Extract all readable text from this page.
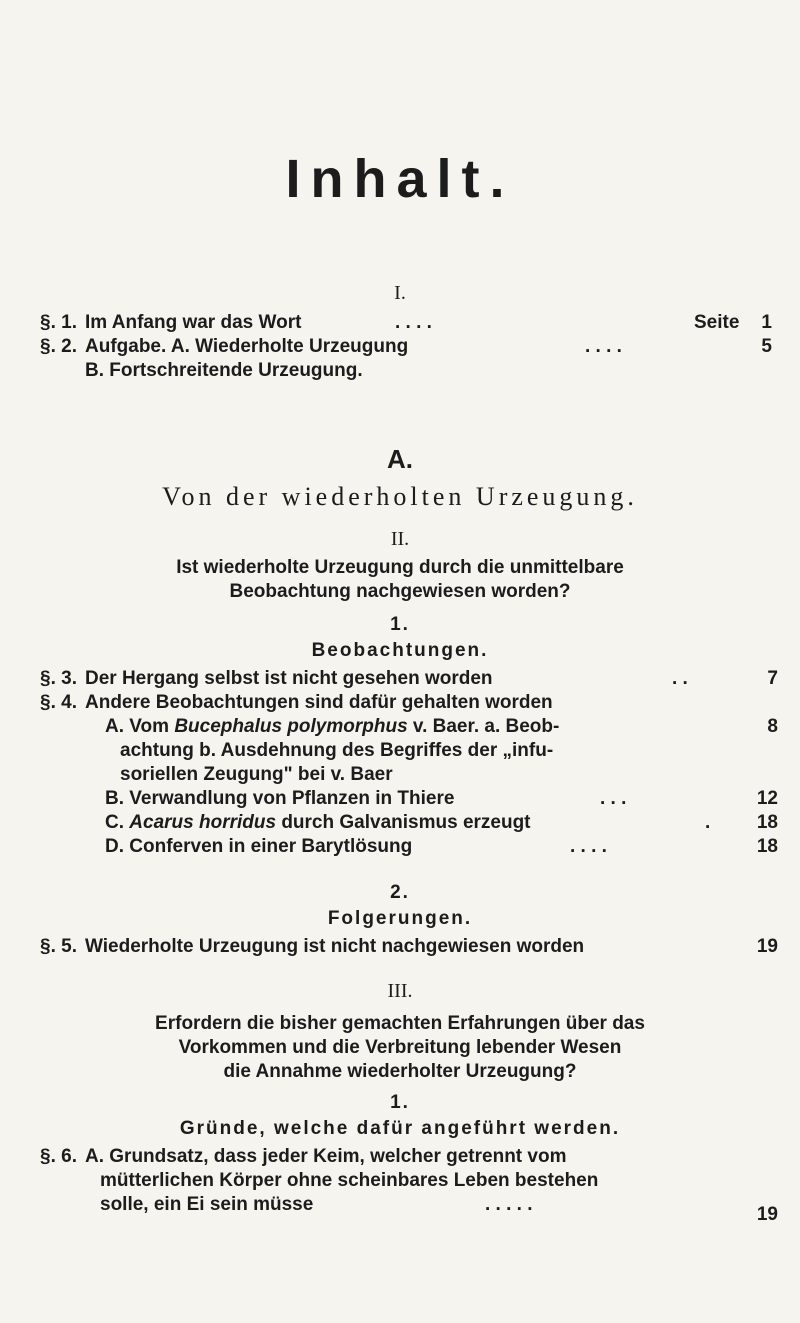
Inhalt.
I.
§. 1. Im Anfang war das Wort	. . . .	Seite	1
§. 2. Aufgabe. A. Wiederholte Urzeugung	. . . .	5
B. Fortschreitende Urzeugung.
A.
Von der wiederholten Urzeugung.
II.
Ist wiederholte Urzeugung durch die unmittelbare
Beobachtung nachgewiesen worden?
1.
Beobachtungen.
§. 3. Der Hergang selbst ist nicht gesehen worden	. .	7
§. 4. Andere Beobachtungen sind dafür gehalten worden
A. Vom Bucephalus polymorphus v. Baer. a. Beob-	8
achtung b. Ausdehnung des Begriffes der „infu-
soriellen Zeugung" bei v. Baer
B. Verwandlung von Pflanzen in Thiere	. . .	12
C. Acarus horridus durch Galvanismus erzeugt	.	18
D. Conferven in einer Barytlösung	. . . .	18
2.
Folgerungen.
§. 5. Wiederholte Urzeugung ist nicht nachgewiesen worden	19
III.
Erfordern die bisher gemachten Erfahrungen über das
Vorkommen und die Verbreitung lebender Wesen
die Annahme wiederholter Urzeugung?
1.
Gründe, welche dafür angeführt werden.
§. 6. A. Grundsatz, dass jeder Keim, welcher getrennt vom
mütterlichen Körper ohne scheinbares Leben bestehen
solle, ein Ei sein müsse	. . . . .	19
